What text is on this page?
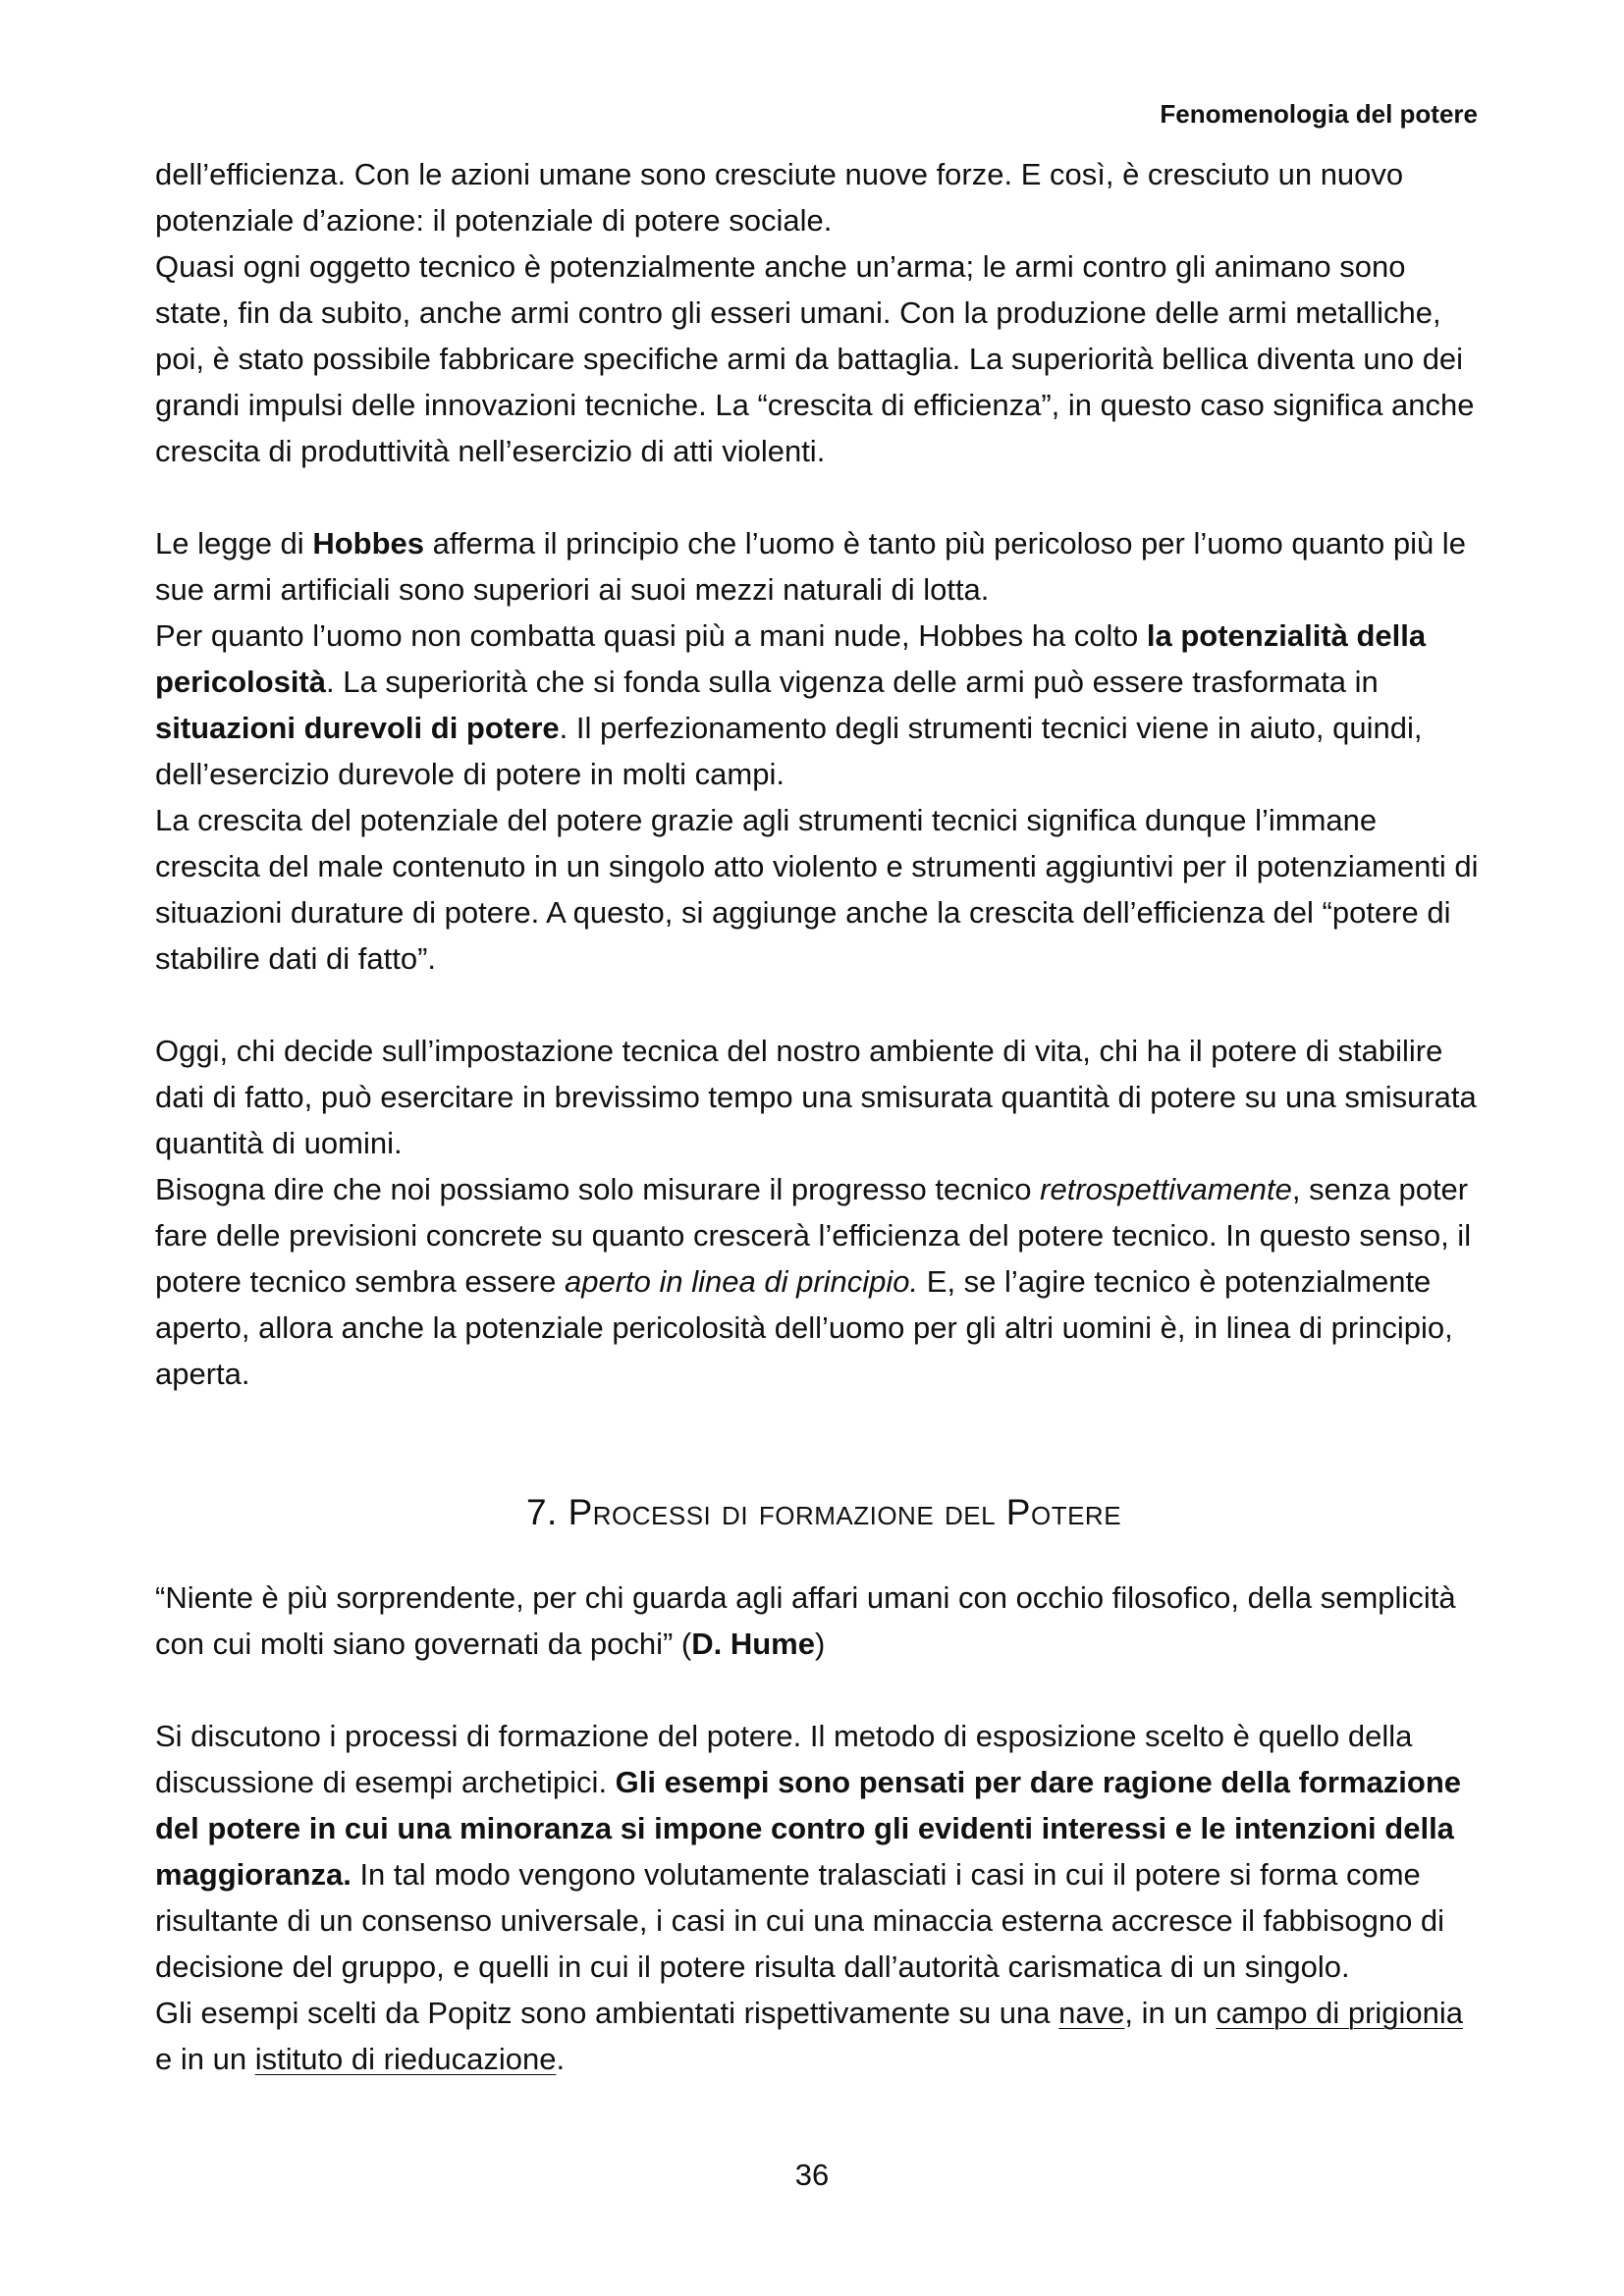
Fenomenologia del potere

dell’efficienza. Con le azioni umane sono cresciute nuove forze. E così, è cresciuto un nuovo potenziale d’azione: il potenziale di potere sociale.

Quasi ogni oggetto tecnico è potenzialmente anche un’arma; le armi contro gli animano sono state, fin da subito, anche armi contro gli esseri umani. Con la produzione delle armi metalliche, poi, è stato possibile fabbricare specifiche armi da battaglia. La superiorità bellica diventa uno dei grandi impulsi delle innovazioni tecniche. La “crescita di efficienza”, in questo caso significa anche crescita di produttività nell’esercizio di atti violenti.

Le legge di Hobbes afferma il principio che l’uomo è tanto più pericoloso per l’uomo quanto più le sue armi artificiali sono superiori ai suoi mezzi naturali di lotta.

Per quanto l’uomo non combatta quasi più a mani nude, Hobbes ha colto la potenzialità della pericolosità. La superiorità che si fonda sulla vigenza delle armi può essere trasformata in situazioni durevoli di potere. Il perfezionamento degli strumenti tecnici viene in aiuto, quindi, dell’esercizio durevole di potere in molti campi.

La crescita del potenziale del potere grazie agli strumenti tecnici significa dunque l’immane crescita del male contenuto in un singolo atto violento e strumenti aggiuntivi per il potenziamenti di situazioni durature di potere. A questo, si aggiunge anche la crescita dell’efficienza del “potere di stabilire dati di fatto”.

Oggi, chi decide sull’impostazione tecnica del nostro ambiente di vita, chi ha il potere di stabilire dati di fatto, può esercitare in brevissimo tempo una smisurata quantità di potere su una smisurata quantità di uomini.

Bisogna dire che noi possiamo solo misurare il progresso tecnico retrospettivamente, senza poter fare delle previsioni concrete su quanto crescerà l’efficienza del potere tecnico. In questo senso, il potere tecnico sembra essere aperto in linea di principio. E, se l’agire tecnico è potenzialmente aperto, allora anche la potenziale pericolosità dell’uomo per gli altri uomini è, in linea di principio, aperta.

7. Processi di formazione del Potere

“Niente è più sorprendente, per chi guarda agli affari umani con occhio filosofico, della semplicità con cui molti siano governati da pochi” (D. Hume)

Si discutono i processi di formazione del potere. Il metodo di esposizione scelto è quello della discussione di esempi archetipici. Gli esempi sono pensati per dare ragione della formazione del potere in cui una minoranza si impone contro gli evidenti interessi e le intenzioni della maggioranza. In tal modo vengono volutamente tralasciati i casi in cui il potere si forma come risultante di un consenso universale, i casi in cui una minaccia esterna accresce il fabbisogno di decisione del gruppo, e quelli in cui il potere risulta dall’autorità carismatica di un singolo.

Gli esempi scelti da Popitz sono ambientati rispettivamente su una nave, in un campo di prigionia e in un istituto di rieducazione.

36
